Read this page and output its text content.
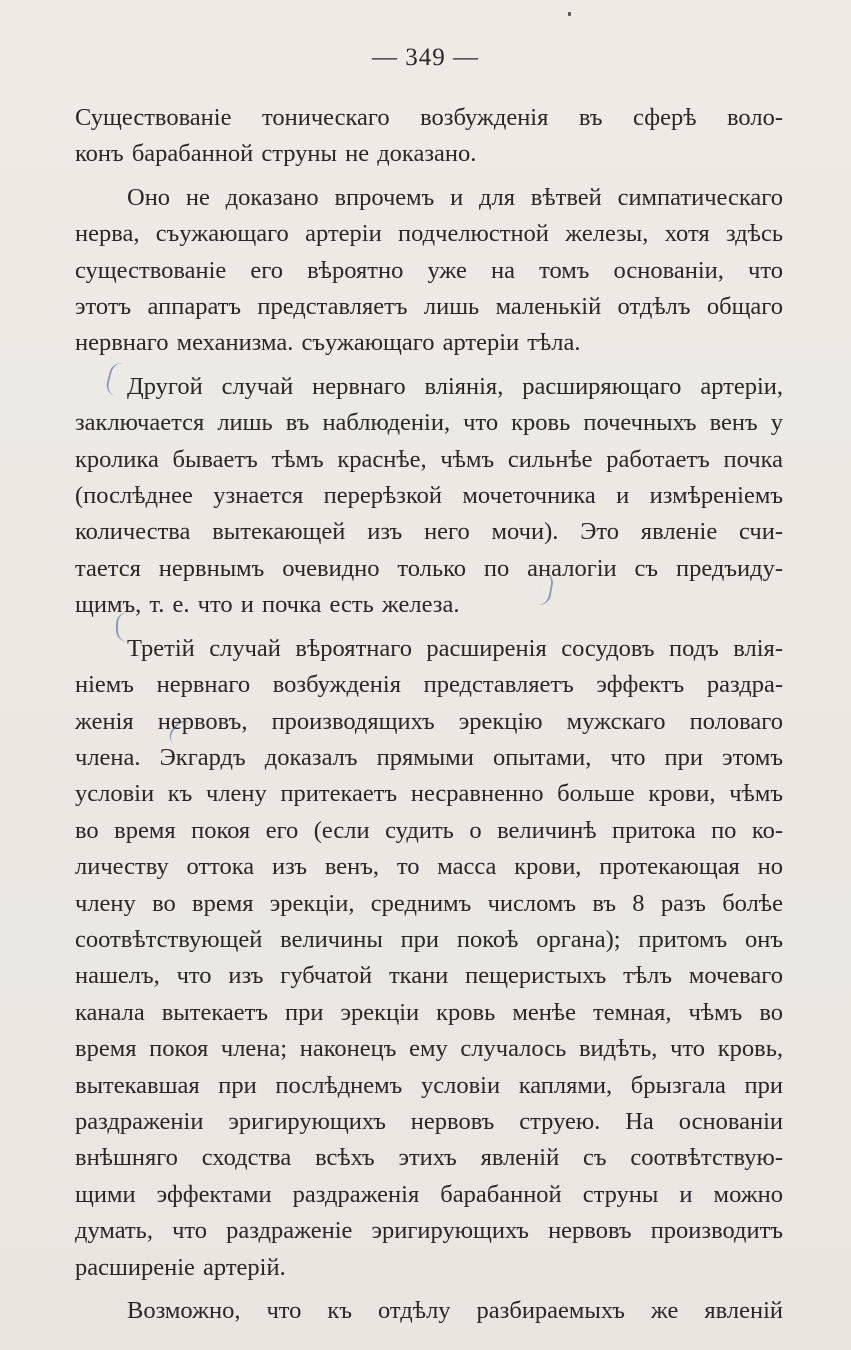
— 349 —

Существованіе тоническаго возбужденія въ сферѣ воло-

конъ барабанной струны не доказано.

Оно не доказано впрочемъ и для вѣтвей симпатическаго

нерва, съужающаго артеріи подчелюстной железы, хотя здѣсь

существованіе его вѣроятно уже на томъ основаніи, что

этотъ аппаратъ представляетъ лишь маленькій отдѣлъ общаго

нервнаго механизма. съужающаго артеріи тѣла.

Другой случай нервнаго вліянія, расширяющаго артеріи,

заключается лишь въ наблюденіи, что кровь почечныхъ венъ у

кролика бываетъ тѣмъ краснѣе, чѣмъ сильнѣе работаетъ почка

(послѣднее узнается перерѣзкой мочеточника и измѣреніемъ

количества вытекающей изъ него мочи). Это явленіе счи-

тается нервнымъ очевидно только по аналогіи съ предъиду-

щимъ, т. е. что и почка есть железа.

Третій случай вѣроятнаго расширенія сосудовъ подъ влія-

ніемъ нервнаго возбужденія представляетъ эффектъ раздра-

женія нервовъ, производящихъ эрекцію мужскаго половаго

члена. Экгардъ доказалъ прямыми опытами, что при этомъ

условіи къ члену притекаетъ несравненно больше крови, чѣмъ

во время покоя его (если судить о величинѣ притока по ко-

личеству оттока изъ венъ, то масса крови, протекающая но

члену во время эрекціи, среднимъ числомъ въ 8 разъ болѣе

соотвѣтствующей величины при покоѣ органа); притомъ онъ

нашелъ, что изъ губчатой ткани пещеристыхъ тѣлъ мочеваго

канала вытекаетъ при эрекціи кровь менѣе темная, чѣмъ во

время покоя члена; наконецъ ему случалось видѣть, что кровь,

вытекавшая при послѣднемъ условіи каплями, брызгала при

раздраженіи эригирующихъ нервовъ струею. На основаніи

внѣшняго сходства всѣхъ этихъ явленій съ соотвѣтствую-

щими эффектами раздраженія барабанной струны и можно

думать, что раздраженіе эригирующихъ нервовъ производитъ

расширеніе артерій.

Возможно, что къ отдѣлу разбираемыхъ же явленій
